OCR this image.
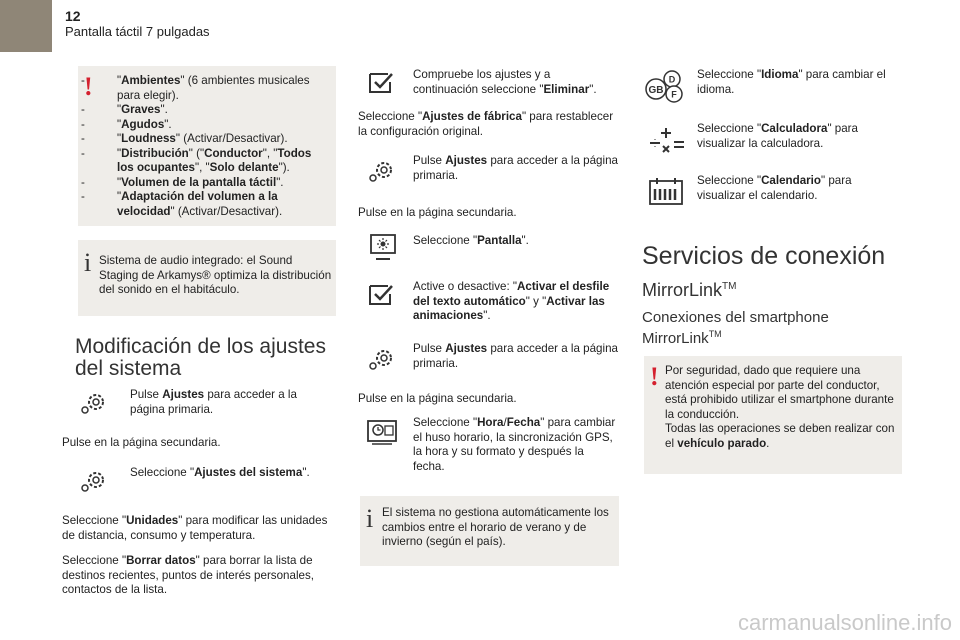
12
Pantalla táctil 7 pulgadas
!
-	"Ambientes" (6 ambientes musicales para elegir).
-	"Graves".
-	"Agudos".
-	"Loudness" (Activar/Desactivar).
-	"Distribución" ("Conductor", "Todos los ocupantes", "Solo delante").
-	"Volumen de la pantalla táctil".
-	"Adaptación del volumen a la velocidad" (Activar/Desactivar).
i Sistema de audio integrado: el Sound Staging de Arkamys® optimiza la distribución del sonido en el habitáculo.
Modificación de los ajustes del sistema
Pulse Ajustes para acceder a la página primaria.
Pulse en la página secundaria.
Seleccione "Ajustes del sistema".
Seleccione "Unidades" para modificar las unidades de distancia, consumo y temperatura.
Seleccione "Borrar datos" para borrar la lista de destinos recientes, puntos de interés personales, contactos de la lista.
Compruebe los ajustes y a continuación seleccione "Eliminar".
Seleccione "Ajustes de fábrica" para restablecer la configuración original.
Pulse Ajustes para acceder a la página primaria.
Pulse en la página secundaria.
Seleccione "Pantalla".
Active o desactive: "Activar el desfile del texto automático" y "Activar las animaciones".
Pulse Ajustes para acceder a la página primaria.
Pulse en la página secundaria.
Seleccione "Hora/Fecha" para cambiar el huso horario, la sincronización GPS, la hora y su formato y después la fecha.
i El sistema no gestiona automáticamente los cambios entre el horario de verano y de invierno (según el país).
D
GB F
Seleccione "Idioma" para cambiar el idioma.
Seleccione "Calculadora" para visualizar la calculadora.
Seleccione "Calendario" para visualizar el calendario.
Servicios de conexión
MirrorLink™
Conexiones del smartphone
MirrorLink™
! Por seguridad, dado que requiere una atención especial por parte del conductor, está prohibido utilizar el smartphone durante la conducción.
Todas las operaciones se deben realizar con el vehículo parado.
carmanualsonline.info
